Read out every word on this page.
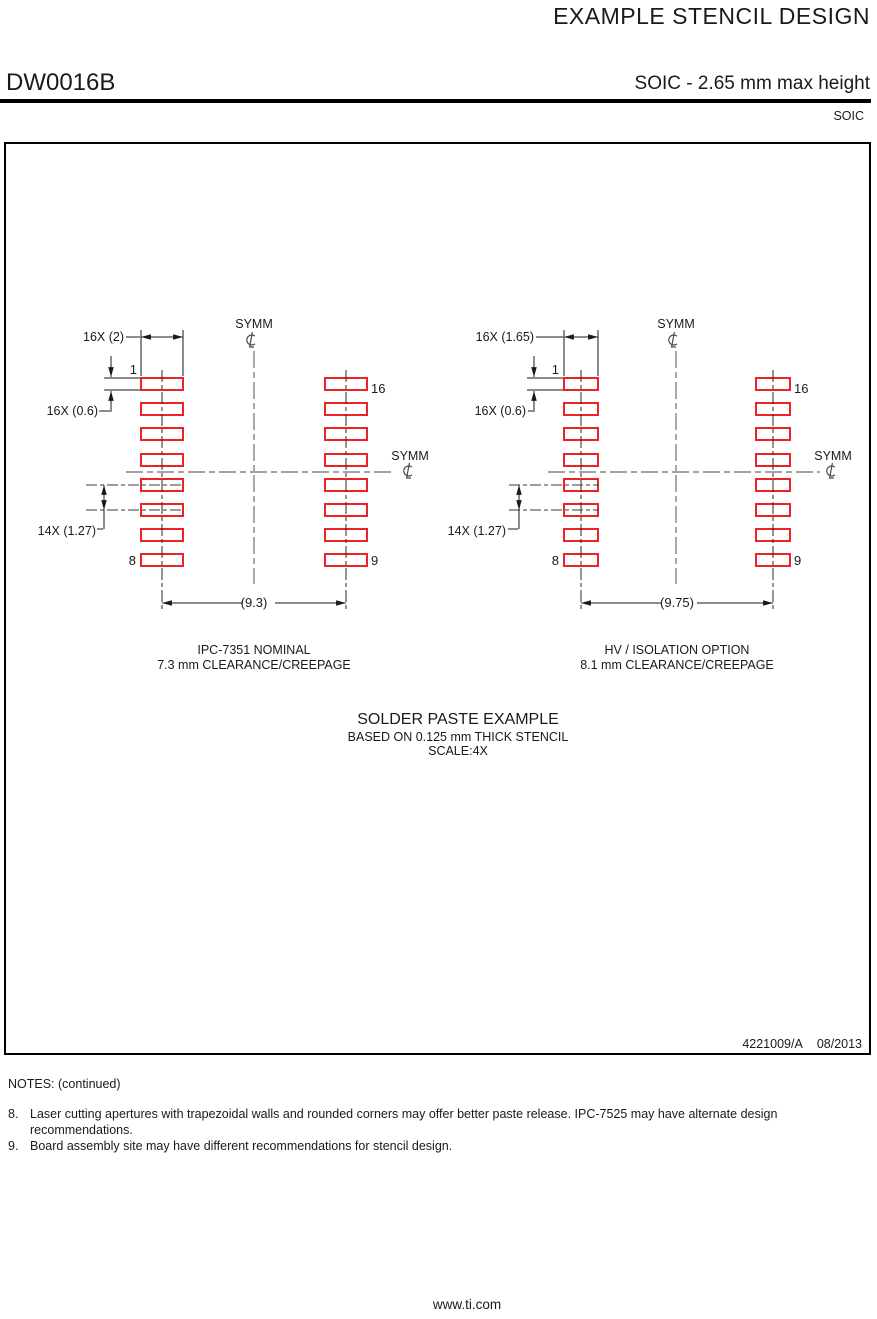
EXAMPLE STENCIL DESIGN
DW0016B	SOIC - 2.65 mm max height
SOIC
16X (2)
1
16X (0.6)
14X (1.27)
8
16
9
SYMM
SYMM
(9.3)
IPC-7351 NOMINAL
7.3 mm CLEARANCE/CREEPAGE
16X (1.65)
1
16X (0.6)
14X (1.27)
8
16
9
SYMM
SYMM
(9.75)
HV / ISOLATION OPTION
8.1 mm CLEARANCE/CREEPAGE
SOLDER PASTE EXAMPLE
BASED ON 0.125 mm THICK STENCIL
SCALE:4X
4221009/A 08/2013
NOTES: (continued)
8. Laser cutting apertures with trapezoidal walls and rounded corners may offer better paste release. IPC-7525 may have alternate design recommendations.
9. Board assembly site may have different recommendations for stencil design.
www.ti.com
